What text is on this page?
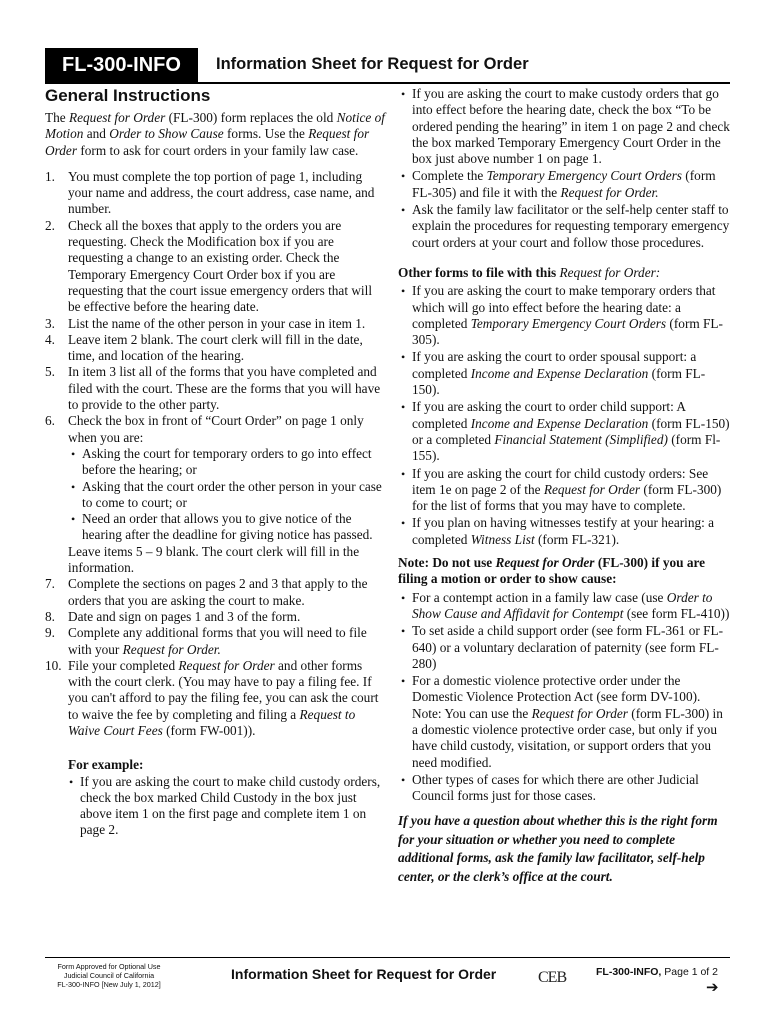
FL-300-INFO	Information Sheet for Request for Order
General Instructions

The Request for Order (FL-300) form replaces the old Notice of Motion and Order to Show Cause forms. Use the Request for Order form to ask for court orders in your family law case.

1. You must complete the top portion of page 1, including your name and address, the court address, case name, and number.
2. Check all the boxes that apply to the orders you are requesting. Check the Modification box if you are requesting a change to an existing order. Check the Temporary Emergency Court Order box if you are requesting that the court issue emergency orders that will be effective before the hearing date.
3. List the name of the other person in your case in item 1.
4. Leave item 2 blank. The court clerk will fill in the date, time, and location of the hearing.
5. In item 3 list all of the forms that you have completed and filed with the court. These are the forms that you will have to provide to the other party.
6. Check the box in front of “Court Order” on page 1 only when you are:
• Asking the court for temporary orders to go into effect before the hearing; or
• Asking that the court order the other person in your case to come to court; or
• Need an order that allows you to give notice of the hearing after the deadline for giving notice has passed.
Leave items 5 – 9 blank. The court clerk will fill in the information.
7. Complete the sections on pages 2 and 3 that apply to the orders that you are asking the court to make.
8. Date and sign on pages 1 and 3 of the form.
9. Complete any additional forms that you will need to file with your Request for Order.
10. File your completed Request for Order and other forms with the court clerk. (You may have to pay a filing fee. If you can't afford to pay the filing fee, you can ask the court to waive the fee by completing and filing a Request to Waive Court Fees (form FW-001)).
For example:
• If you are asking the court to make child custody orders, check the box marked Child Custody in the box just above item 1 on the first page and complete item 1 on page 2.
• If you are asking the court to make custody orders that go into effect before the hearing date, check the box “To be ordered pending the hearing” in item 1 on page 2 and check the box marked Temporary Emergency Court Order in the box just above number 1 on page 1.
• Complete the Temporary Emergency Court Orders (form FL-305) and file it with the Request for Order.
• Ask the family law facilitator or the self-help center staff to explain the procedures for requesting temporary emergency court orders at your court and follow those procedures.
Other forms to file with this Request for Order:
• If you are asking the court to make temporary orders that which will go into effect before the hearing date: a completed Temporary Emergency Court Orders (form FL-305).
• If you are asking the court to order spousal support: a completed Income and Expense Declaration (form FL-150).
• If you are asking the court to order child support: A completed Income and Expense Declaration (form FL-150) or a completed Financial Statement (Simplified) (form Fl-155).
• If you are asking the court for child custody orders: See item 1e on page 2 of the Request for Order (form FL-300) for the list of forms that you may have to complete.
• If you plan on having witnesses testify at your hearing: a completed Witness List (form FL-321).
Note: Do not use Request for Order (FL-300) if you are filing a motion or order to show cause:
• For a contempt action in a family law case (use Order to Show Cause and Affidavit for Contempt (see form FL-410))
• To set aside a child support order (see form FL-361 or FL-640) or a voluntary declaration of paternity (see form FL-280)
• For a domestic violence protective order under the Domestic Violence Protection Act (see form DV-100). Note: You can use the Request for Order (form FL-300) in a domestic violence protective order case, but only if you have child custody, visitation, or support orders that you need modified.
• Other types of cases for which there are other Judicial Council forms just for those cases.

If you have a question about whether this is the right form for your situation or whether you need to complete additional forms, ask the family law facilitator, self-help center, or the clerk’s office at the court.

Form Approved for Optional Use
Judicial Council of California
FL-300-INFO [New July 1, 2012]
Information Sheet for Request for Order	CEB	FL-300-INFO, Page 1 of 2
➔
